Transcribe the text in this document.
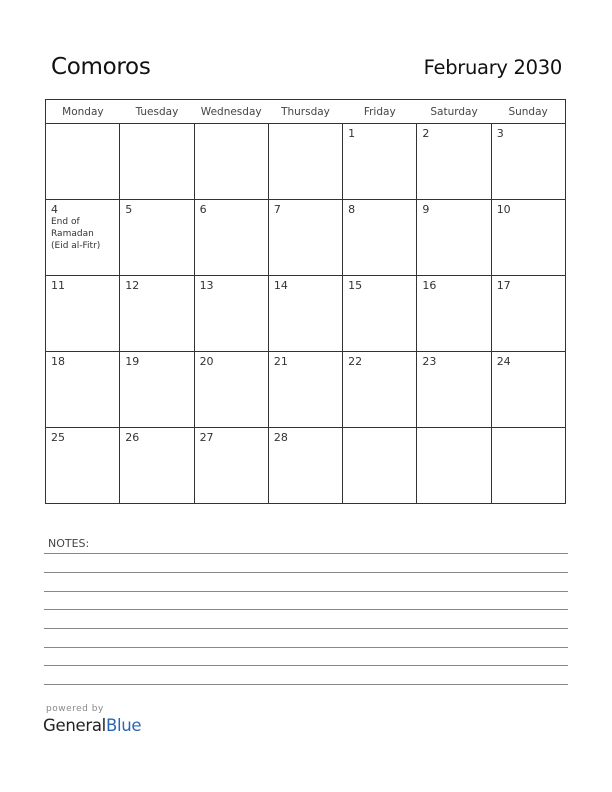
Comoros	February 2030
Monday	Tuesday	Wednesday	Thursday	Friday	Saturday	Sunday

				1	2	3

4
End of Ramadan (Eid al-Fitr)	5	6	7	8	9	10

11	12	13	14	15	16	17

18	19	20	21	22	23	24

25	26	27	28			

NOTES:
powered by
GeneralBlue
